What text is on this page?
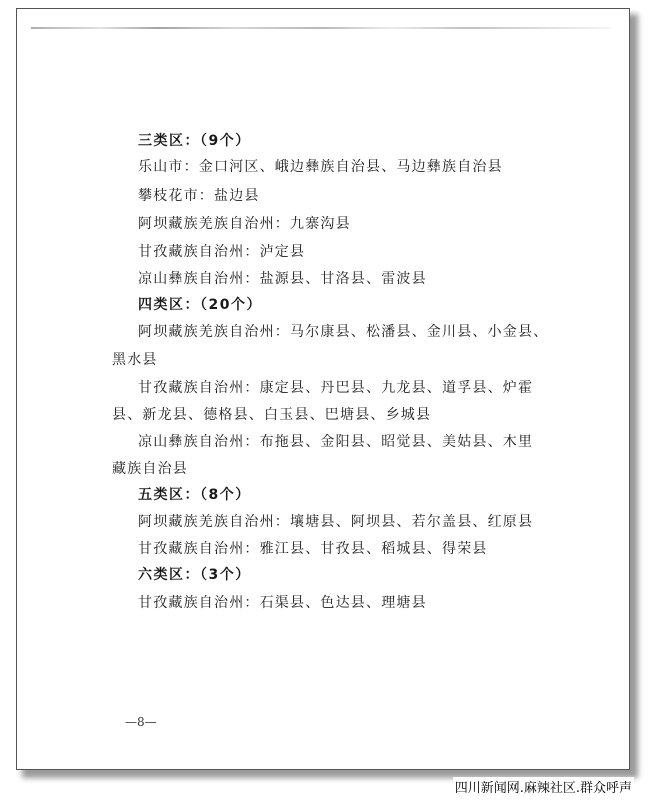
三类区：（9个）
乐山市：金口河区、峨边彝族自治县、马边彝族自治县
攀枝花市：盐边县
阿坝藏族羌族自治州：九寨沟县
甘孜藏族自治州：泸定县
凉山彝族自治州：盐源县、甘洛县、雷波县
四类区：（20个）
阿坝藏族羌族自治州：马尔康县、松潘县、金川县、小金县、
黑水县
甘孜藏族自治州：康定县、丹巴县、九龙县、道孚县、炉霍
县、新龙县、德格县、白玉县、巴塘县、乡城县
凉山彝族自治州：布拖县、金阳县、昭觉县、美姑县、木里
藏族自治县
五类区：（8个）
阿坝藏族羌族自治州：壤塘县、阿坝县、若尔盖县、红原县
甘孜藏族自治州：雅江县、甘孜县、稻城县、得荣县
六类区：（3个）
甘孜藏族自治州：石渠县、色达县、理塘县
—8—
四川新闻网.麻辣社区.群众呼声
